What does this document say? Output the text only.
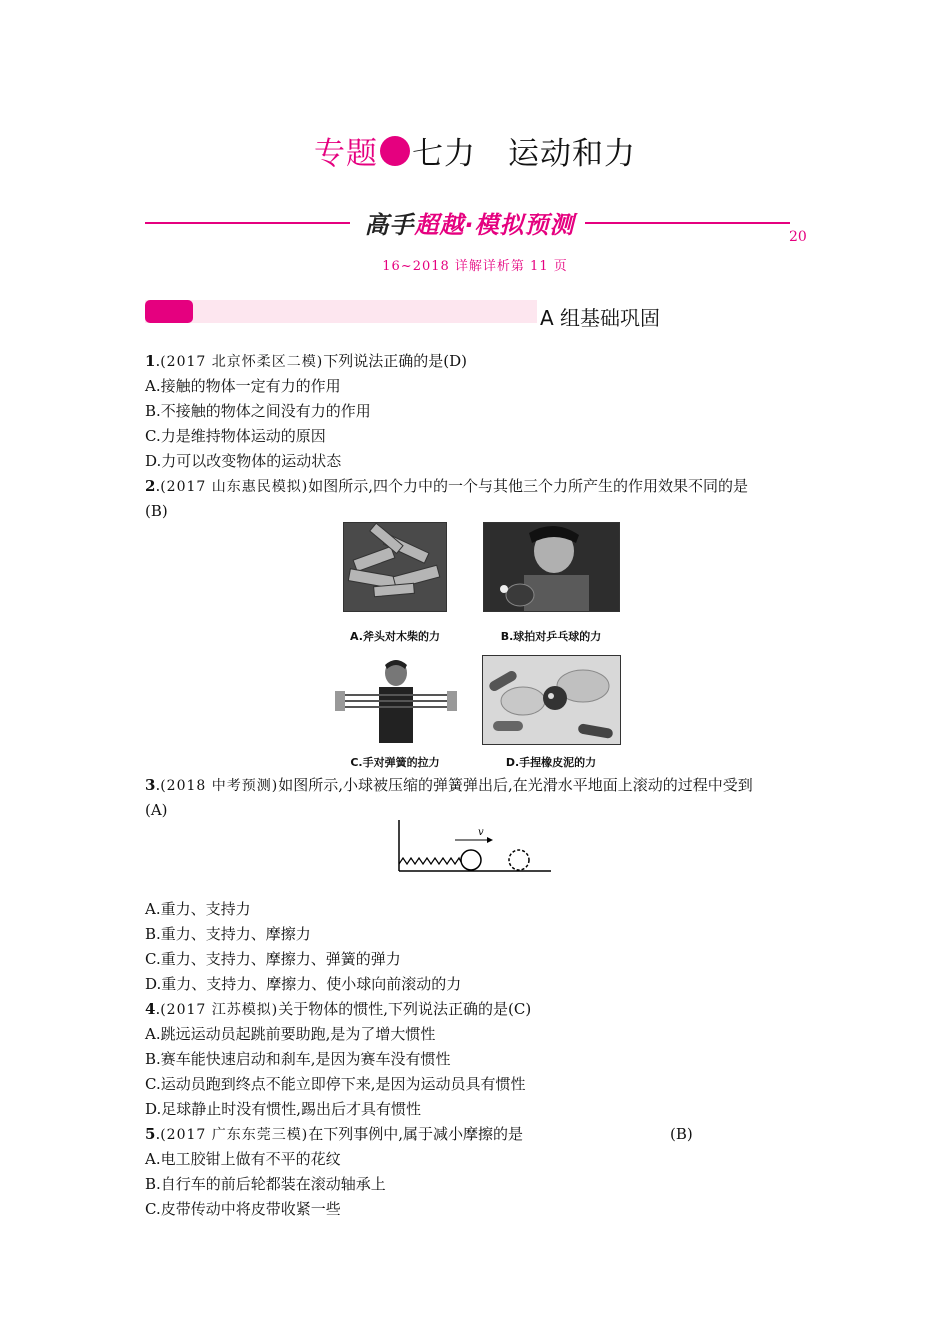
专题 七力　运动和力
高手超越·模拟预测	20
16~2018 详解详析第 11 页
A 组基础巩固
1.(2017 北京怀柔区二模)下列说法正确的是(D)
A.接触的物体一定有力的作用
B.不接触的物体之间没有力的作用
C.力是维持物体运动的原因
D.力可以改变物体的运动状态
2.(2017 山东惠民模拟)如图所示,四个力中的一个与其他三个力所产生的作用效果不同的是
(B)
A.斧头对木柴的力	B.球拍对乒乓球的力
C.手对弹簧的拉力	D.手捏橡皮泥的力
3.(2018 中考预测)如图所示,小球被压缩的弹簧弹出后,在光滑水平地面上滚动的过程中受到
(A)
v
A.重力、支持力
B.重力、支持力、摩擦力
C.重力、支持力、摩擦力、弹簧的弹力
D.重力、支持力、摩擦力、使小球向前滚动的力
4.(2017 江苏模拟)关于物体的惯性,下列说法正确的是(C)
A.跳远运动员起跳前要助跑,是为了增大惯性
B.赛车能快速启动和刹车,是因为赛车没有惯性
C.运动员跑到终点不能立即停下来,是因为运动员具有惯性
D.足球静止时没有惯性,踢出后才具有惯性
5.(2017 广东东莞三模)在下列事例中,属于减小摩擦的是	(B)
A.电工胶钳上做有不平的花纹
B.自行车的前后轮都装在滚动轴承上
C.皮带传动中将皮带收紧一些
